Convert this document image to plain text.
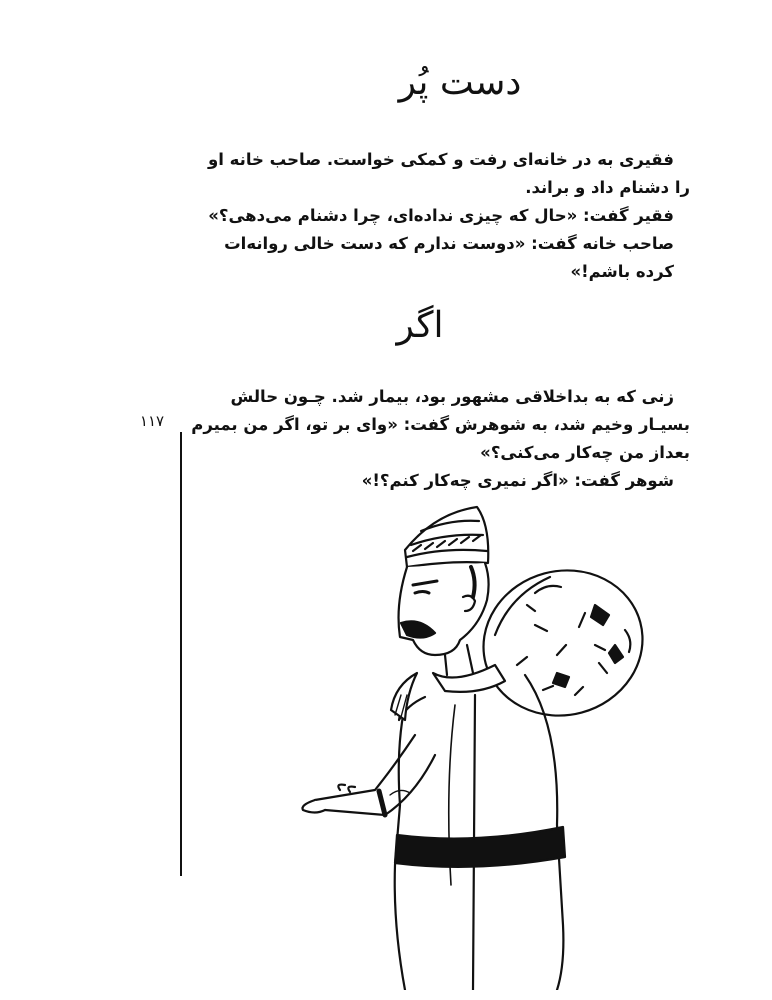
دست پُر
فقیری به در خانه‌ای رفت و کمکی خواست. صاحب خانه او را دشنام داد و براند.
فقیر گفت: «حال که چیزی نداده‌ای، چرا دشنام می‌دهی؟»
صاحب خانه گفت: «دوست ندارم که دست خالی روانه‌ات کرده باشم!»
اگر
زنی که به بداخلاقی مشهور بود، بیمار شد. چـون حالش بسیـار وخیم شد، به شوهرش گفت: «وای بر تو، اگر من بمیرم بعداز من چه‌کار می‌کنی؟»
شوهر گفت: «اگر نمیری چه‌کار کنم؟!»
۱۱۷
